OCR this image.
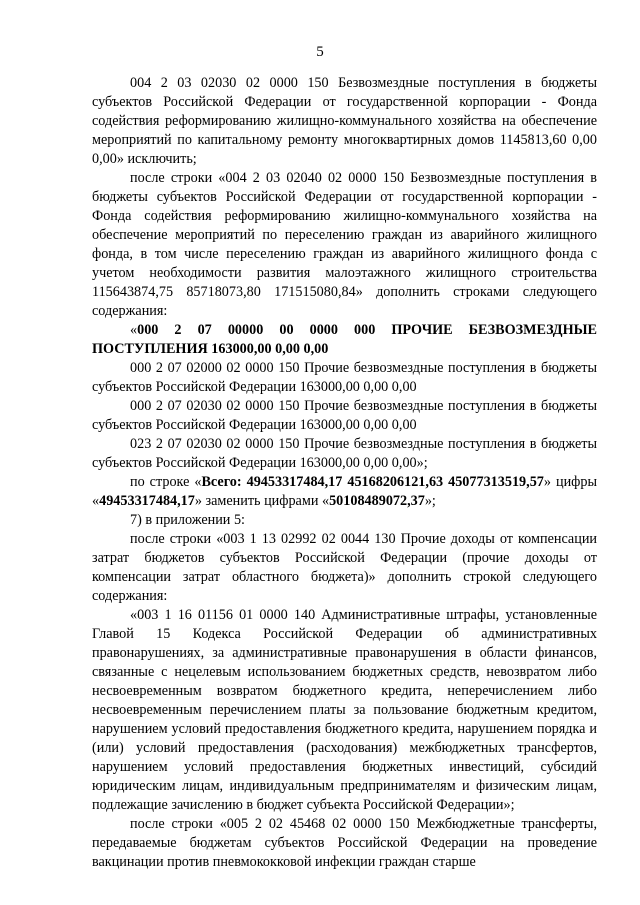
5

004 2 03 02030 02 0000 150 Безвозмездные поступления в бюджеты субъектов Российской Федерации от государственной корпорации - Фонда содействия реформированию жилищно-коммунального хозяйства на обеспечение мероприятий по капитальному ремонту многоквартирных домов 1145813,60 0,00 0,00» исключить;

после строки «004 2 03 02040 02 0000 150 Безвозмездные поступления в бюджеты субъектов Российской Федерации от государственной корпорации - Фонда содействия реформированию жилищно-коммунального хозяйства на обеспечение мероприятий по переселению граждан из аварийного жилищного фонда, в том числе переселению граждан из аварийного жилищного фонда с учетом необходимости развития малоэтажного жилищного строительства 115643874,75 85718073,80 171515080,84» дополнить строками следующего содержания:

«000 2 07 00000 00 0000 000 ПРОЧИЕ БЕЗВОЗМЕЗДНЫЕ ПОСТУПЛЕНИЯ 163000,00 0,00 0,00

000 2 07 02000 02 0000 150 Прочие безвозмездные поступления в бюджеты субъектов Российской Федерации 163000,00 0,00 0,00

000 2 07 02030 02 0000 150 Прочие безвозмездные поступления в бюджеты субъектов Российской Федерации 163000,00 0,00 0,00

023 2 07 02030 02 0000 150 Прочие безвозмездные поступления в бюджеты субъектов Российской Федерации 163000,00 0,00 0,00»;

по строке «Всего: 49453317484,17 45168206121,63 45077313519,57» цифры «49453317484,17» заменить цифрами «50108489072,37»;

7) в приложении 5:

после строки «003 1 13 02992 02 0044 130 Прочие доходы от компенсации затрат бюджетов субъектов Российской Федерации (прочие доходы от компенсации затрат областного бюджета)» дополнить строкой следующего содержания:

«003 1 16 01156 01 0000 140 Административные штрафы, установленные Главой 15 Кодекса Российской Федерации об административных правонарушениях, за административные правонарушения в области финансов, связанные с нецелевым использованием бюджетных средств, невозвратом либо несвоевременным возвратом бюджетного кредита, неперечислением либо несвоевременным перечислением платы за пользование бюджетным кредитом, нарушением условий предоставления бюджетного кредита, нарушением порядка и (или) условий предоставления (расходования) межбюджетных трансфертов, нарушением условий предоставления бюджетных инвестиций, субсидий юридическим лицам, индивидуальным предпринимателям и физическим лицам, подлежащие зачислению в бюджет субъекта Российской Федерации»;

после строки «005 2 02 45468 02 0000 150 Межбюджетные трансферты, передаваемые бюджетам субъектов Российской Федерации на проведение вакцинации против пневмококковой инфекции граждан старше
